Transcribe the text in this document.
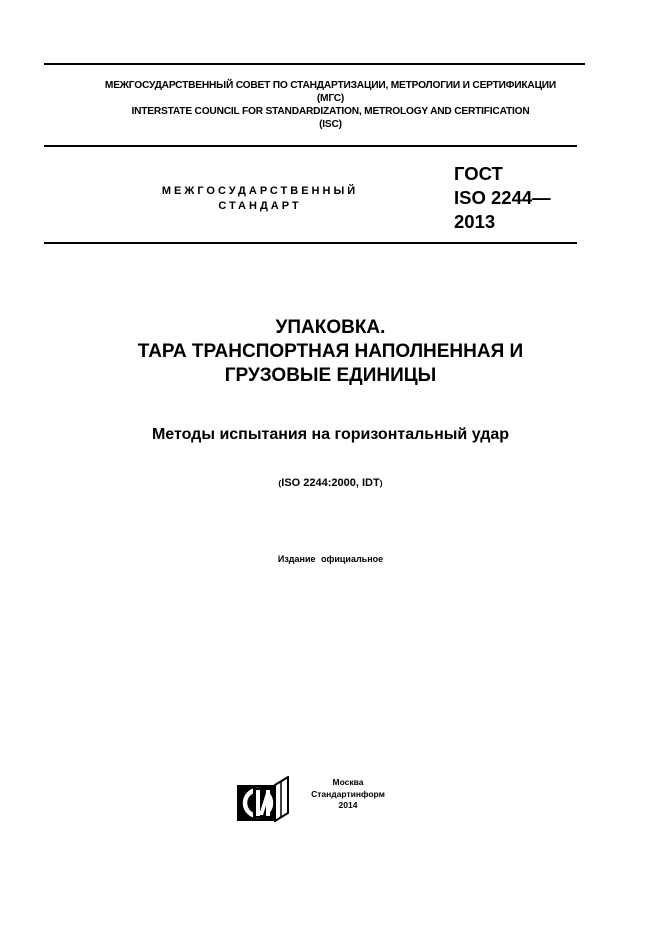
МЕЖГОСУДАРСТВЕННЫЙ СОВЕТ ПО СТАНДАРТИЗАЦИИ, МЕТРОЛОГИИ И СЕРТИФИКАЦИИ
(МГС)
INTERSTATE COUNCIL FOR STANDARDIZATION, METROLOGY AND CERTIFICATION
(ISC)
МЕЖГОСУДАРСТВЕННЫЙ
СТАНДАРТ
ГОСТ
ISO 2244—
2013
УПАКОВКА.
ТАРА ТРАНСПОРТНАЯ НАПОЛНЕННАЯ И
ГРУЗОВЫЕ ЕДИНИЦЫ
Методы испытания на горизонтальный удар
(ISO 2244:2000, IDT)
Издание официальное
Москва
Стандартинформ
2014
